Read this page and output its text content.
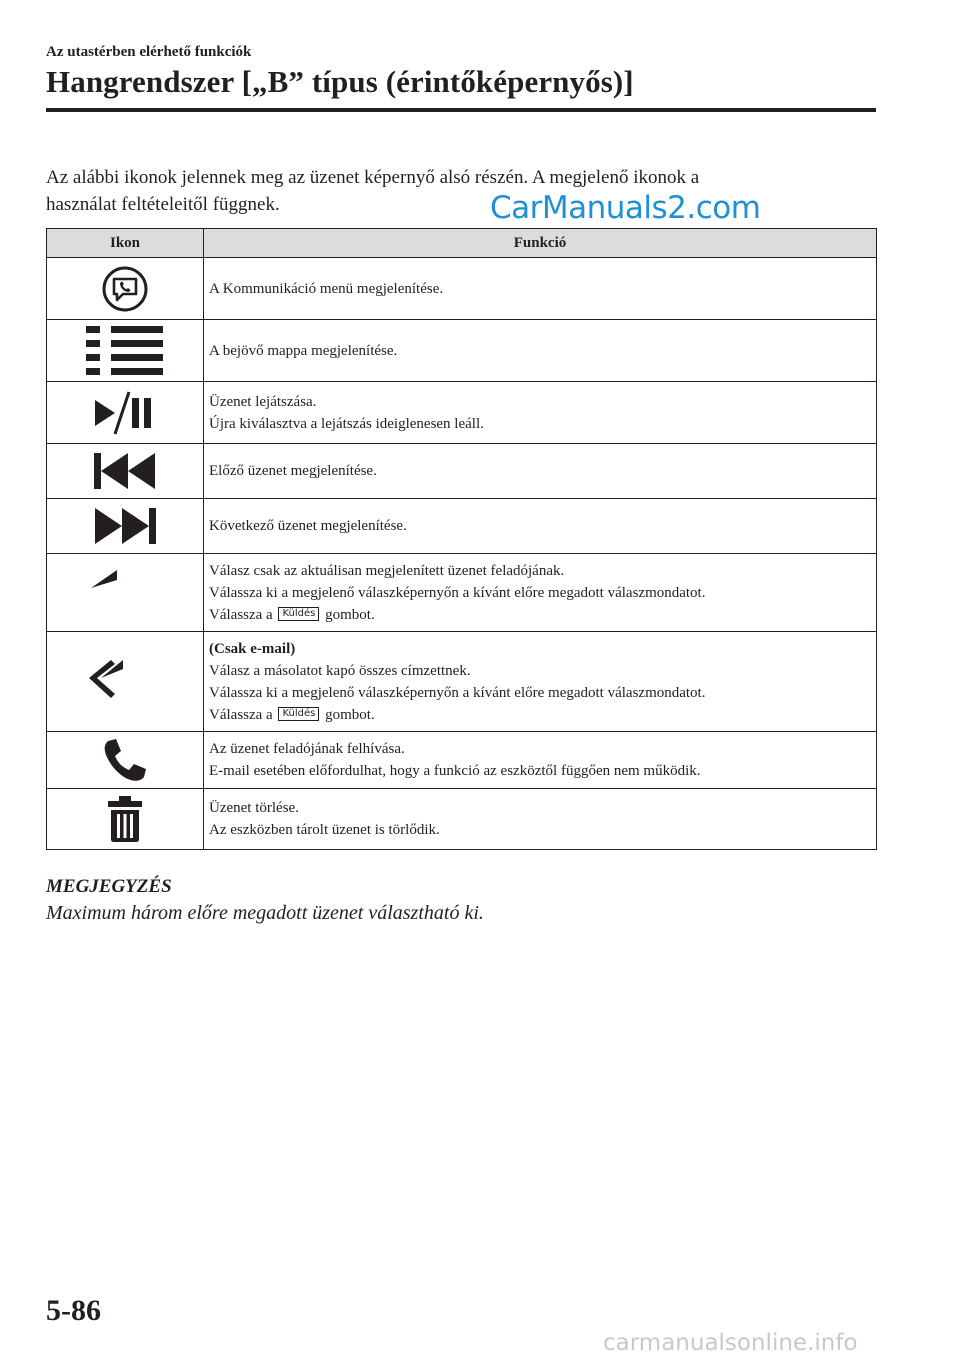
Az utastérben elérhető funkciók
Hangrendszer [„B” típus (érintőképernyős)]
Az alábbi ikonok jelennek meg az üzenet képernyő alsó részén. A megjelenő ikonok a
használat feltételeitől függnek.	CarManuals2.com
Ikon	Funkció

A Kommunikáció menü megjelenítése.

A bejövő mappa megjelenítése.

Üzenet lejátszása.
Újra kiválasztva a lejátszás ideiglenesen leáll.

Előző üzenet megjelenítése.

Következő üzenet megjelenítése.

Válasz csak az aktuálisan megjelenített üzenet feladójának.
Válassza ki a megjelenő válaszképernyőn a kívánt előre megadott válaszmondatot.
Válassza a Küldés gombot.

(Csak e-mail)
Válasz a másolatot kapó összes címzettnek.
Válassza ki a megjelenő válaszképernyőn a kívánt előre megadott válaszmondatot.
Válassza a Küldés gombot.

Az üzenet feladójának felhívása.
E-mail esetében előfordulhat, hogy a funkció az eszköztől függően nem működik.

Üzenet törlése.
Az eszközben tárolt üzenet is törlődik.
MEGJEGYZÉS
Maximum három előre megadott üzenet választható ki.
5-86
carmanualsonline.info
